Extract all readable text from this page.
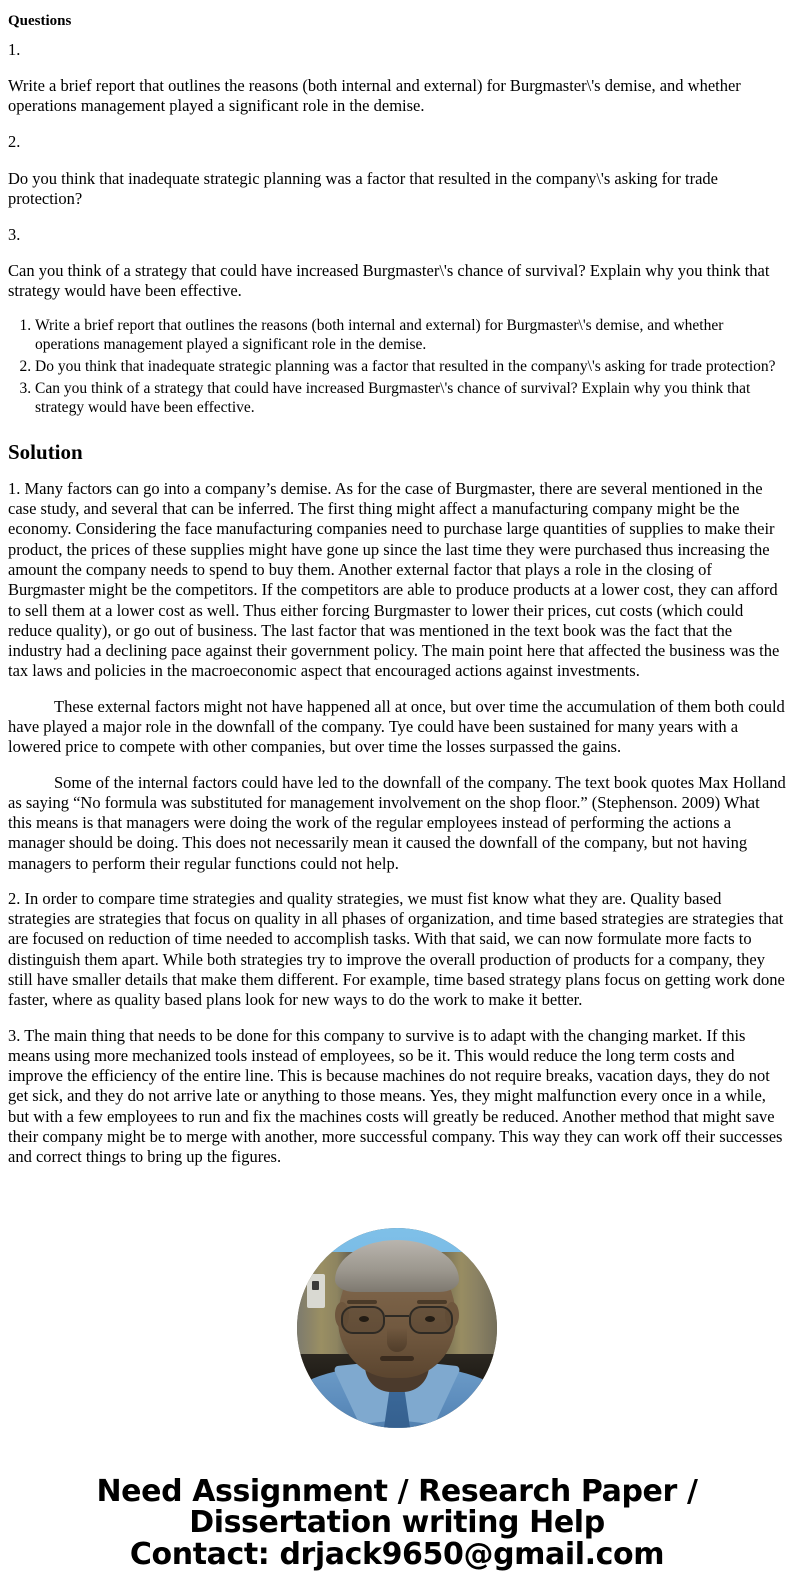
Questions

1.

Write a brief report that outlines the reasons (both internal and external) for Burgmaster\'s demise, and whether operations management played a significant role in the demise.

2.

Do you think that inadequate strategic planning was a factor that resulted in the company\'s asking for trade protection?

3.

Can you think of a strategy that could have increased Burgmaster\'s chance of survival? Explain why you think that strategy would have been effective.

1. Write a brief report that outlines the reasons (both internal and external) for Burgmaster\'s demise, and whether operations management played a significant role in the demise.
2. Do you think that inadequate strategic planning was a factor that resulted in the company\'s asking for trade protection?
3. Can you think of a strategy that could have increased Burgmaster\'s chance of survival? Explain why you think that strategy would have been effective.
Solution

1. Many factors can go into a company’s demise. As for the case of Burgmaster, there are several mentioned in the case study, and several that can be inferred. The first thing might affect a manufacturing company might be the economy. Considering the face manufacturing companies need to purchase large quantities of supplies to make their product, the prices of these supplies might have gone up since the last time they were purchased thus increasing the amount the company needs to spend to buy them. Another external factor that plays a role in the closing of Burgmaster might be the competitors. If the competitors are able to produce products at a lower cost, they can afford to sell them at a lower cost as well. Thus either forcing Burgmaster to lower their prices, cut costs (which could reduce quality), or go out of business. The last factor that was mentioned in the text book was the fact that the industry had a declining pace against their government policy. The main point here that affected the business was the tax laws and policies in the macroeconomic aspect that encouraged actions against investments.

These external factors might not have happened all at once, but over time the accumulation of them both could have played a major role in the downfall of the company. Tye could have been sustained for many years with a lowered price to compete with other companies, but over time the losses surpassed the gains.

Some of the internal factors could have led to the downfall of the company. The text book quotes Max Holland as saying “No formula was substituted for management involvement on the shop floor.” (Stephenson. 2009) What this means is that managers were doing the work of the regular employees instead of performing the actions a manager should be doing. This does not necessarily mean it caused the downfall of the company, but not having managers to perform their regular functions could not help.

2. In order to compare time strategies and quality strategies, we must fist know what they are. Quality based strategies are strategies that focus on quality in all phases of organization, and time based strategies are strategies that are focused on reduction of time needed to accomplish tasks. With that said, we can now formulate more facts to distinguish them apart. While both strategies try to improve the overall production of products for a company, they still have smaller details that make them different. For example, time based strategy plans focus on getting work done faster, where as quality based plans look for new ways to do the work to make it better.

3. The main thing that needs to be done for this company to survive is to adapt with the changing market. If this means using more mechanized tools instead of employees, so be it. This would reduce the long term costs and improve the efficiency of the entire line. This is because machines do not require breaks, vacation days, they do not get sick, and they do not arrive late or anything to those means. Yes, they might malfunction every once in a while, but with a few employees to run and fix the machines costs will greatly be reduced. Another method that might save their company might be to merge with another, more successful company. This way they can work off their successes and correct things to bring up the figures.

Need Assignment / Research Paper / Dissertation writing Help
Contact: drjack9650@gmail.com
